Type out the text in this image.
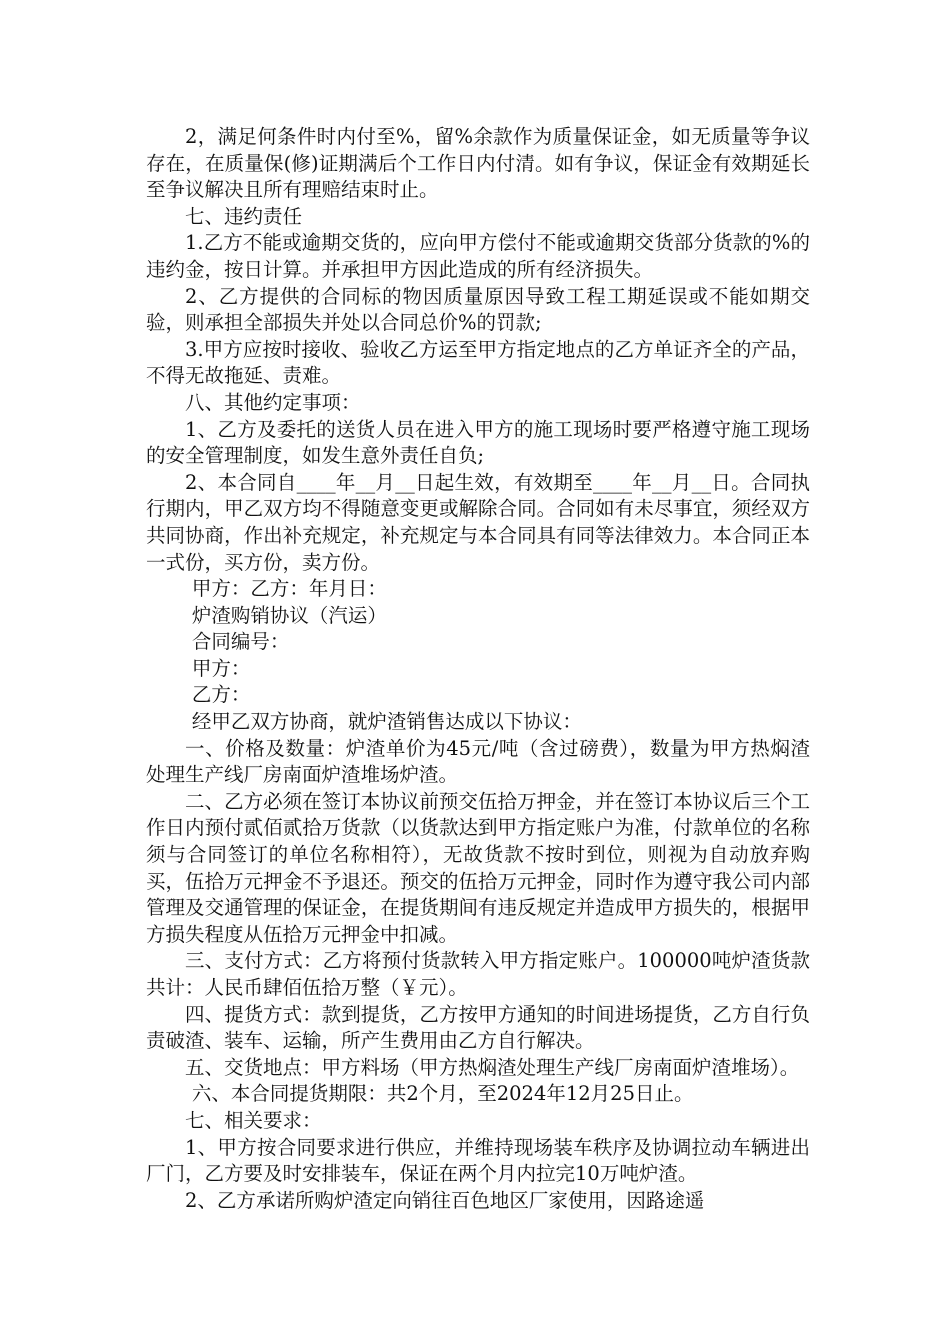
2，满足何条件时内付至%，留%余款作为质量保证金，如无质量等争议存在，在质量保(修)证期满后个工作日内付清。如有争议，保证金有效期延长至争议解决且所有理赔结束时止。

七、违约责任

1.乙方不能或逾期交货的，应向甲方偿付不能或逾期交货部分货款的%的违约金，按日计算。并承担甲方因此造成的所有经济损失。

2、乙方提供的合同标的物因质量原因导致工程工期延误或不能如期交验，则承担全部损失并处以合同总价%的罚款;

3.甲方应按时接收、验收乙方运至甲方指定地点的乙方单证齐全的产品，不得无故拖延、责难。

八、其他约定事项：

1、乙方及委托的送货人员在进入甲方的施工现场时要严格遵守施工现场的安全管理制度，如发生意外责任自负;

2、本合同自____年__月__日起生效，有效期至____年__月__日。合同执行期内，甲乙双方均不得随意变更或解除合同。合同如有未尽事宜，须经双方共同协商，作出补充规定，补充规定与本合同具有同等法律效力。本合同正本一式份，买方份，卖方份。

甲方：乙方：年月日：

炉渣购销协议（汽运）

合同编号：

甲方：

乙方：

经甲乙双方协商，就炉渣销售达成以下协议：

一、价格及数量：炉渣单价为45元/吨（含过磅费），数量为甲方热焖渣处理生产线厂房南面炉渣堆场炉渣。

二、乙方必须在签订本协议前预交伍拾万押金，并在签订本协议后三个工作日内预付贰佰贰拾万货款（以货款达到甲方指定账户为准，付款单位的名称须与合同签订的单位名称相符），无故货款不按时到位，则视为自动放弃购买，伍拾万元押金不予退还。预交的伍拾万元押金，同时作为遵守我公司内部管理及交通管理的保证金，在提货期间有违反规定并造成甲方损失的，根据甲方损失程度从伍拾万元押金中扣减。

三、支付方式：乙方将预付货款转入甲方指定账户。100000吨炉渣货款共计：人民币肆佰伍拾万整（￥元）。

四、提货方式：款到提货，乙方按甲方通知的时间进场提货，乙方自行负责破渣、装车、运输，所产生费用由乙方自行解决。

五、交货地点：甲方料场（甲方热焖渣处理生产线厂房南面炉渣堆场）。

六、本合同提货期限：共2个月，至2024年12月25日止。

七、相关要求：

1、甲方按合同要求进行供应，并维持现场装车秩序及协调拉动车辆进出厂门，乙方要及时安排装车，保证在两个月内拉完10万吨炉渣。

2、乙方承诺所购炉渣定向销往百色地区厂家使用，因路途遥
